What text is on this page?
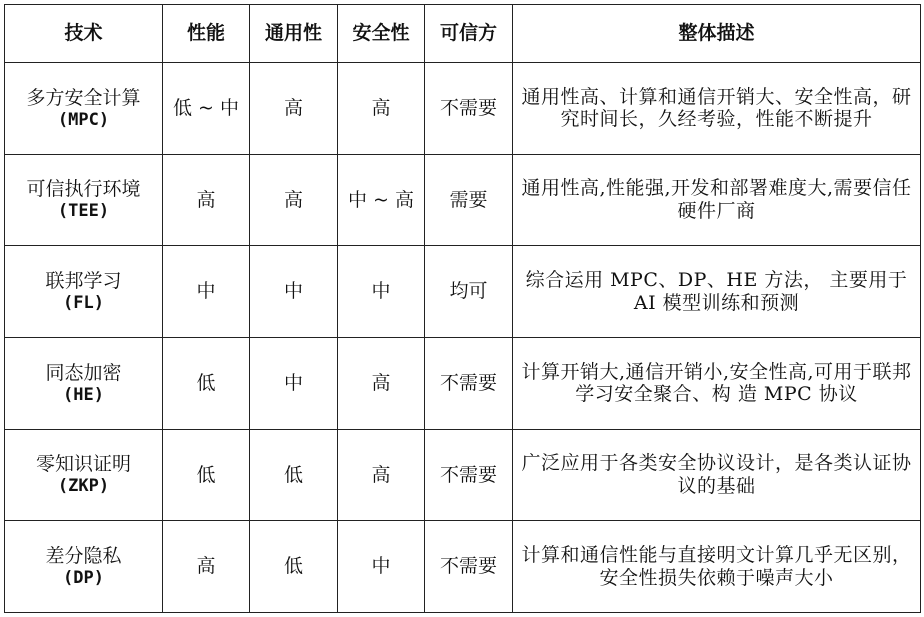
技术	性能	通用性	安全性	可信方	整体描述

多方安全计算
(MPC)	低 ~ 中	高	高	不需要	通用性高、计算和通信开销大、安全性高，研究时间长，久经考验，性能不断提升

可信执行环境
(TEE)	高	高	中 ~ 高	需要	通用性高,性能强,开发和部署难度大,需要信任硬件厂商

联邦学习
(FL)	中	中	中	均可	综合运用 MPC、DP、HE 方法， 主要用于 AI 模型训练和预测

同态加密
(HE)	低	中	高	不需要	计算开销大,通信开销小,安全性高,可用于联邦学习安全聚合、构 造 MPC 协议

零知识证明
(ZKP)	低	低	高	不需要	广泛应用于各类安全协议设计，是各类认证协议的基础

差分隐私
(DP)	高	低	中	不需要	计算和通信性能与直接明文计算几乎无区别，安全性损失依赖于噪声大小
